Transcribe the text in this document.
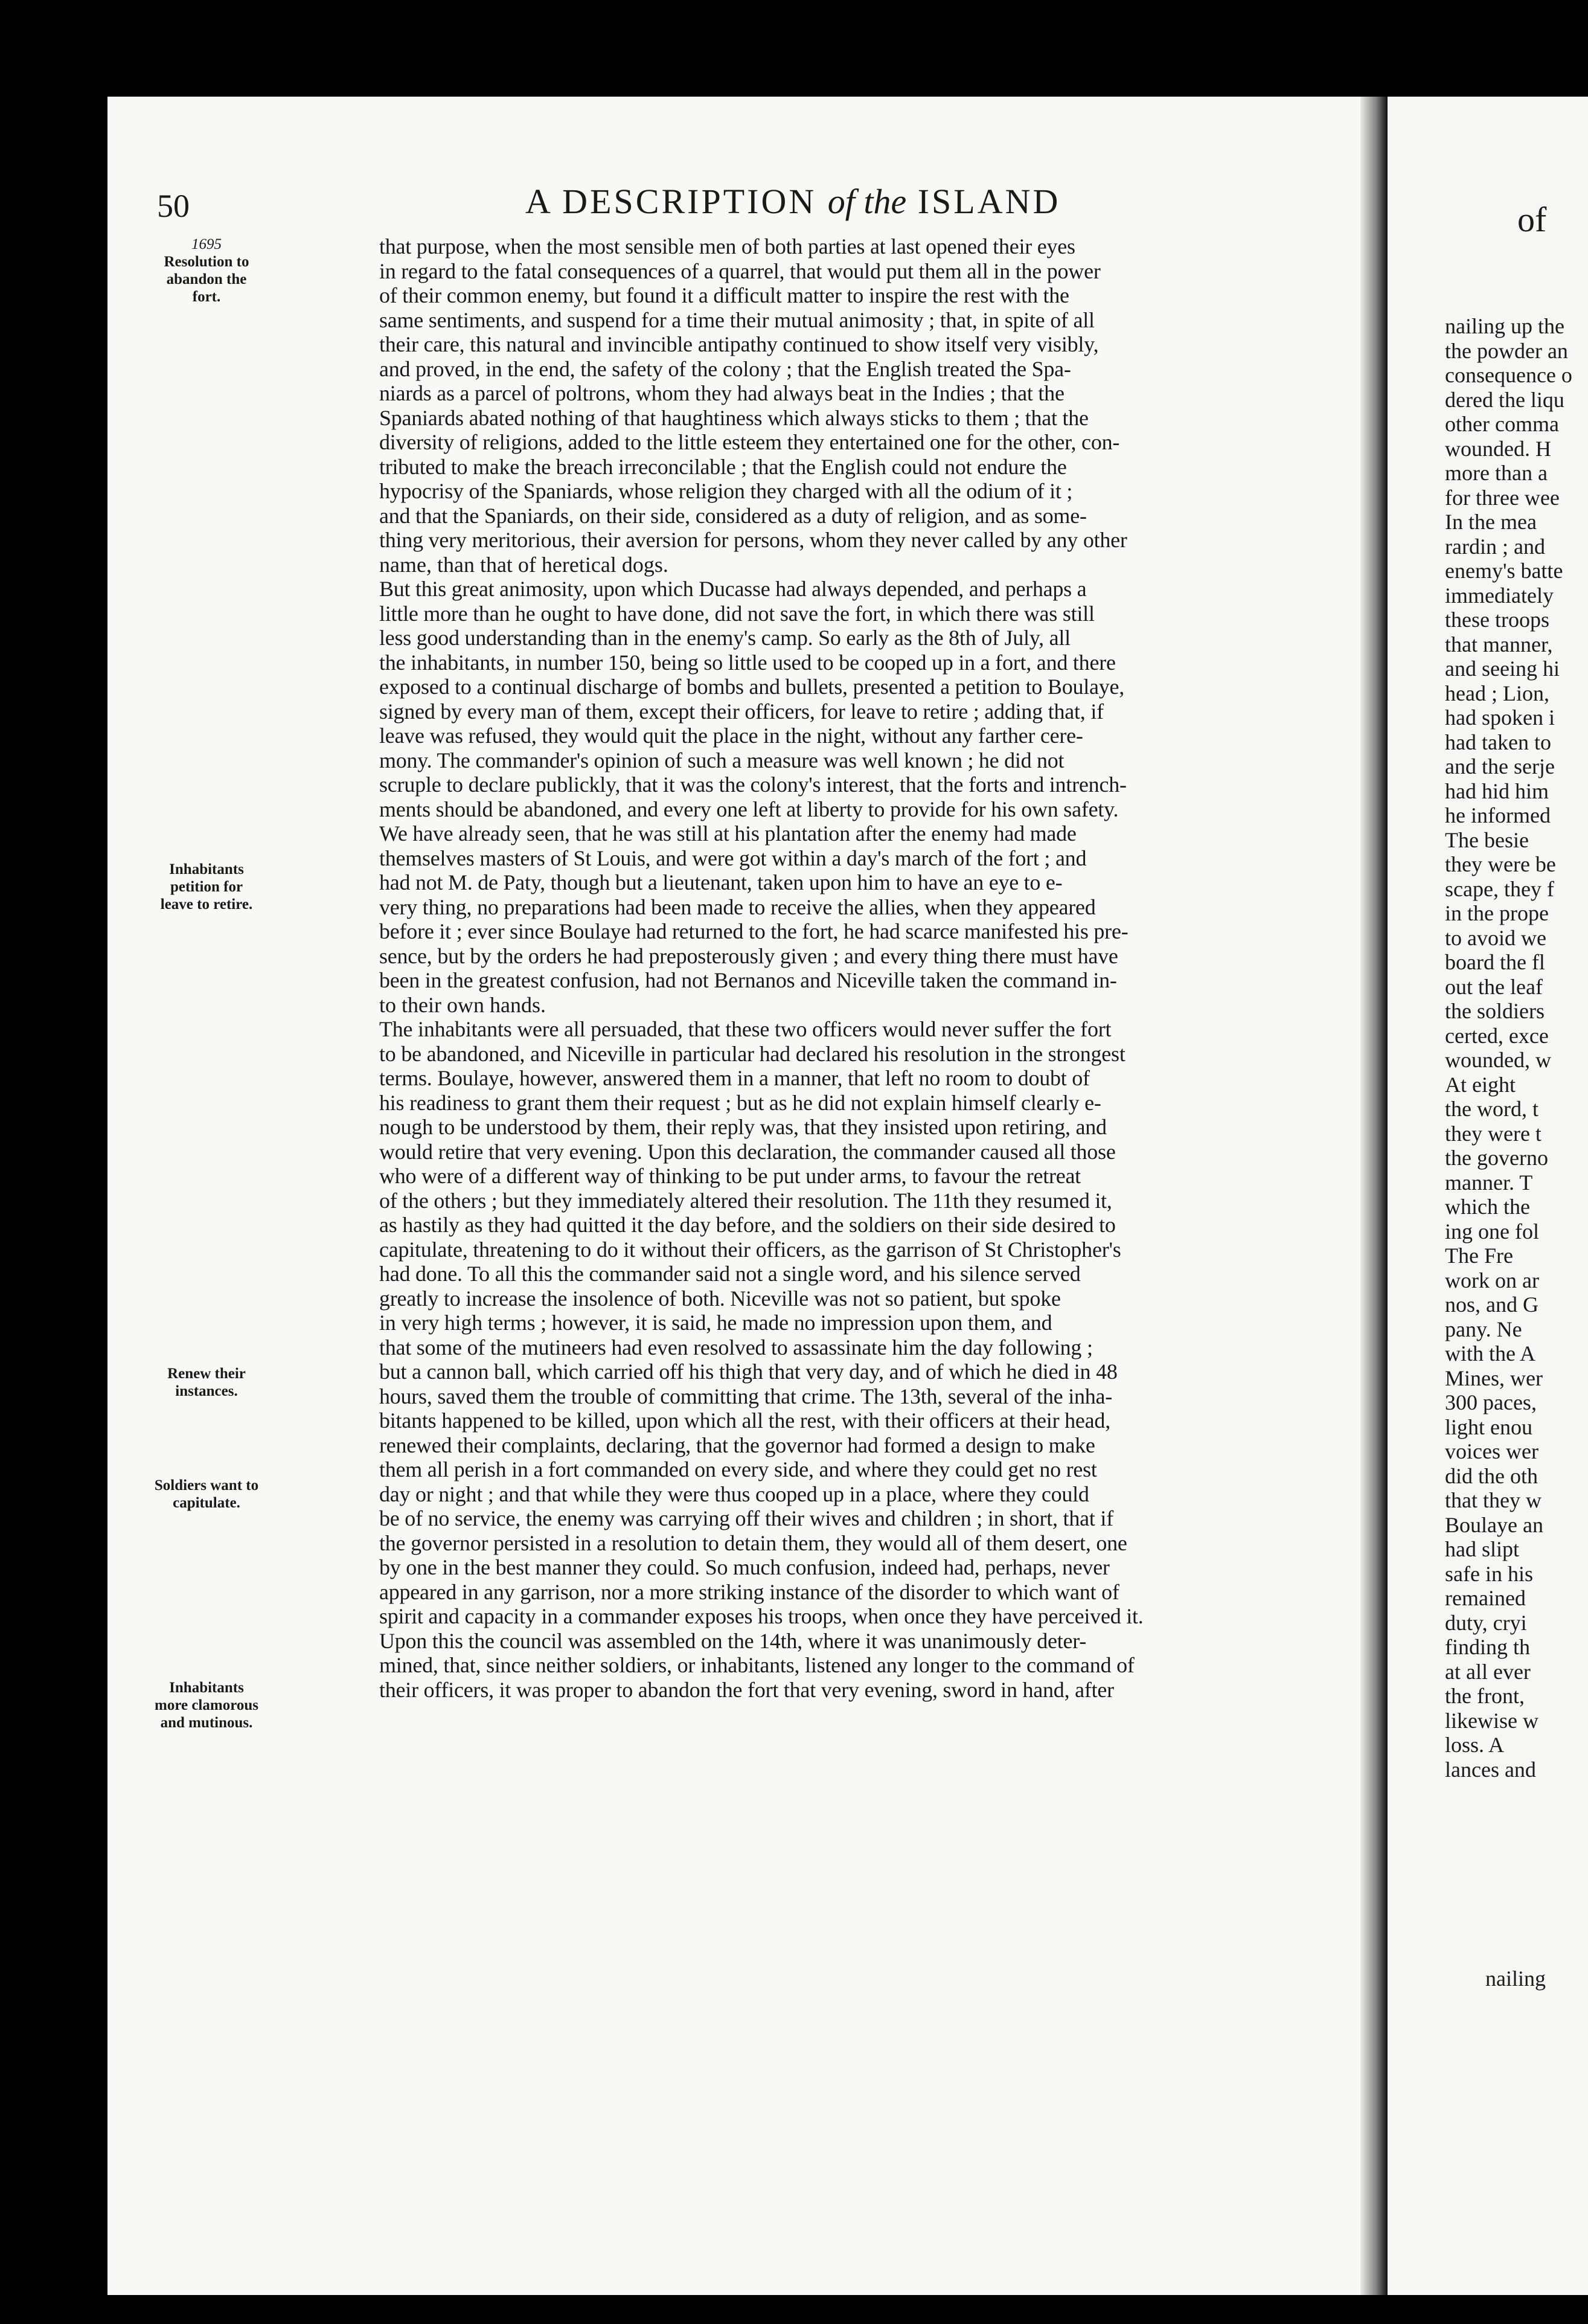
of
nailing up the
the powder an
consequence o
dered the liqu
other comma
wounded. H
more than a
for three wee
In the mea
rardin ; and
enemy's batte
immediately
these troops
that manner,
and seeing hi
head ; Lion,
had spoken i
had taken to
and the serje
had hid him
he informed
The besie
they were be
scape, they f
in the prope
to avoid we
board the fl
out the leaf
the soldiers
certed, exce
wounded, w
At eight
the word, t
they were t
the governo
manner. T
which the
ing one fol
The Fre
work on ar
nos, and G
pany. Ne
with the A
Mines, wer
300 paces,
light enou
voices wer
did the oth
that they w
Boulaye an
had slipt
safe in his
remained
duty, cryi
finding th
at all ever
the front,
likewise w
loss. A
lances and
50	A DESCRIPTION of the ISLAND
1695
Resolution to abandon the fort.
Inhabitants petition for leave to retire.
Renew their instances.
Soldiers want to capitulate.
Inhabitants more clamorous and mutinous.
that purpose, when the most sensible men of both parties at last opened their eyes
in regard to the fatal consequences of a quarrel, that would put them all in the power
of their common enemy, but found it a difficult matter to inspire the rest with the
same sentiments, and suspend for a time their mutual animosity ; that, in spite of all
their care, this natural and invincible antipathy continued to show itself very visibly,
and proved, in the end, the safety of the colony ; that the English treated the Spa-
niards as a parcel of poltrons, whom they had always beat in the Indies ; that the
Spaniards abated nothing of that haughtiness which always sticks to them ; that the
diversity of religions, added to the little esteem they entertained one for the other, con-
tributed to make the breach irreconcilable ; that the English could not endure the
hypocrisy of the Spaniards, whose religion they charged with all the odium of it ;
and that the Spaniards, on their side, considered as a duty of religion, and as some-
thing very meritorious, their aversion for persons, whom they never called by any other
name, than that of heretical dogs.
But this great animosity, upon which Ducasse had always depended, and perhaps a
little more than he ought to have done, did not save the fort, in which there was still
less good understanding than in the enemy's camp. So early as the 8th of July, all
the inhabitants, in number 150, being so little used to be cooped up in a fort, and there
exposed to a continual discharge of bombs and bullets, presented a petition to Boulaye,
signed by every man of them, except their officers, for leave to retire ; adding that, if
leave was refused, they would quit the place in the night, without any farther cere-
mony. The commander's opinion of such a measure was well known ; he did not
scruple to declare publickly, that it was the colony's interest, that the forts and intrench-
ments should be abandoned, and every one left at liberty to provide for his own safety.
We have already seen, that he was still at his plantation after the enemy had made
themselves masters of St Louis, and were got within a day's march of the fort ; and
had not M. de Paty, though but a lieutenant, taken upon him to have an eye to e-
very thing, no preparations had been made to receive the allies, when they appeared
before it ; ever since Boulaye had returned to the fort, he had scarce manifested his pre-
sence, but by the orders he had preposterously given ; and every thing there must have
been in the greatest confusion, had not Bernanos and Niceville taken the command in-
to their own hands.
The inhabitants were all persuaded, that these two officers would never suffer the fort
to be abandoned, and Niceville in particular had declared his resolution in the strongest
terms. Boulaye, however, answered them in a manner, that left no room to doubt of
his readiness to grant them their request ; but as he did not explain himself clearly e-
nough to be understood by them, their reply was, that they insisted upon retiring, and
would retire that very evening. Upon this declaration, the commander caused all those
who were of a different way of thinking to be put under arms, to favour the retreat
of the others ; but they immediately altered their resolution. The 11th they resumed it,
as hastily as they had quitted it the day before, and the soldiers on their side desired to
capitulate, threatening to do it without their officers, as the garrison of St Christopher's
had done. To all this the commander said not a single word, and his silence served
greatly to increase the insolence of both. Niceville was not so patient, but spoke
in very high terms ; however, it is said, he made no impression upon them, and
that some of the mutineers had even resolved to assassinate him the day following ;
but a cannon ball, which carried off his thigh that very day, and of which he died in 48
hours, saved them the trouble of committing that crime. The 13th, several of the inha-
bitants happened to be killed, upon which all the rest, with their officers at their head,
renewed their complaints, declaring, that the governor had formed a design to make
them all perish in a fort commanded on every side, and where they could get no rest
day or night ; and that while they were thus cooped up in a place, where they could
be of no service, the enemy was carrying off their wives and children ; in short, that if
the governor persisted in a resolution to detain them, they would all of them desert, one
by one in the best manner they could. So much confusion, indeed had, perhaps, never
appeared in any garrison, nor a more striking instance of the disorder to which want of
spirit and capacity in a commander exposes his troops, when once they have perceived it.
Upon this the council was assembled on the 14th, where it was unanimously deter-
mined, that, since neither soldiers, or inhabitants, listened any longer to the command of
their officers, it was proper to abandon the fort that very evening, sword in hand, after
nailing
